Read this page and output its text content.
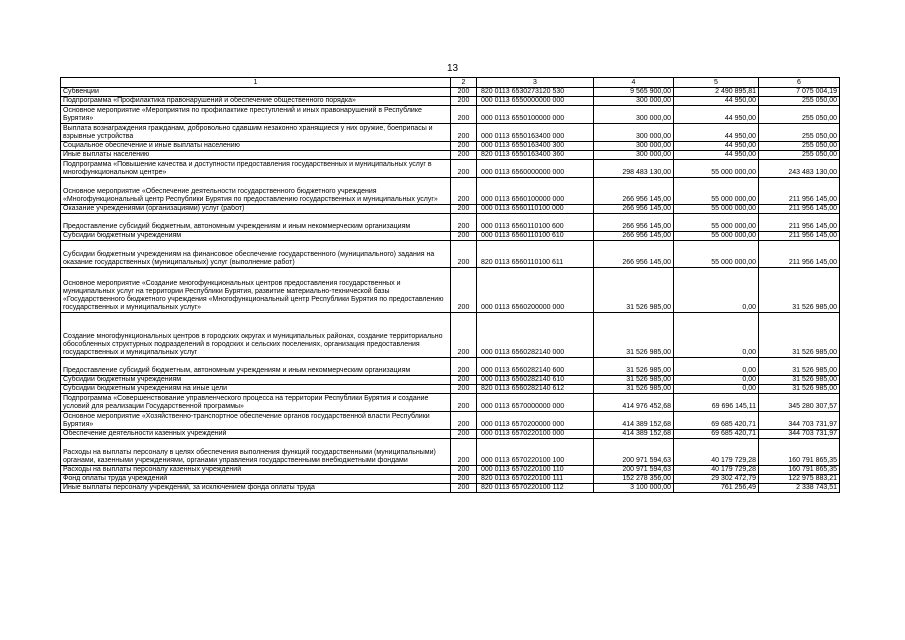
13
1	2	3	4	5	6
Субвенции	200	820 0113 6530273120 530	9 565 900,00	2 490 895,81	7 075 004,19
Подпрограмма «Профилактика правонарушений и обеспечение общественного порядка»	200	000 0113 6550000000 000	300 000,00	44 950,00	255 050,00
Основное мероприятие «Мероприятия по профилактике преступлений и иных правонарушений в Республике Бурятия»	200	000 0113 6550100000 000	300 000,00	44 950,00	255 050,00
Выплата вознаграждения гражданам, добровольно сдавшим незаконно хранящиеся у них оружие, боеприпасы и взрывные устройства	200	000 0113 6550163400 000	300 000,00	44 950,00	255 050,00
Социальное обеспечение и иные выплаты населению	200	000 0113 6550163400 300	300 000,00	44 950,00	255 050,00
Иные выплаты населению	200	820 0113 6550163400 360	300 000,00	44 950,00	255 050,00
Подпрограмма «Повышение качества и доступности предоставления государственных и муниципальных услуг в многофункциональном центре»	200	000 0113 6560000000 000	298 483 130,00	55 000 000,00	243 483 130,00
Основное мероприятие «Обеспечение деятельности государственного бюджетного учреждения «Многофункциональный центр Республики Бурятия по предоставлению государственных и муниципальных услуг»	200	000 0113 6560100000 000	266 956 145,00	55 000 000,00	211 956 145,00
Оказание учреждениями (организациями) услуг (работ)	200	000 0113 6560110100 000	266 956 145,00	55 000 000,00	211 956 145,00
Предоставление субсидий бюджетным, автономным учреждениям и иным некоммерческим организациям	200	000 0113 6560110100 600	266 956 145,00	55 000 000,00	211 956 145,00
Субсидии бюджетным учреждениям	200	000 0113 6560110100 610	266 956 145,00	55 000 000,00	211 956 145,00
Субсидии бюджетным учреждениям на финансовое обеспечение государственного (муниципального) задания на оказание государственных (муниципальных) услуг (выполнение работ)	200	820 0113 6560110100 611	266 956 145,00	55 000 000,00	211 956 145,00
Основное мероприятие «Создание многофункциональных центров предоставления государственных и муниципальных услуг на территории Республики Бурятия, развитие материально-технической базы «Государственного бюджетного учреждения «Многофункциональный центр Республики Бурятия по предоставлению государственных и муниципальных услуг»	200	000 0113 6560200000 000	31 526 985,00	0,00	31 526 985,00
Создание многофункциональных центров в городских округах и муниципальных районах, создание территориально обособленных структурных подразделений в городских и сельских поселениях, организация предоставления государственных и муниципальных услуг	200	000 0113 6560282140 000	31 526 985,00	0,00	31 526 985,00
Предоставление субсидий бюджетным, автономным учреждениям и иным некоммерческим организациям	200	000 0113 6560282140 600	31 526 985,00	0,00	31 526 985,00
Субсидии бюджетным учреждениям	200	000 0113 6560282140 610	31 526 985,00	0,00	31 526 985,00
Субсидии бюджетным учреждениям на иные цели	200	820 0113 6560282140 612	31 526 985,00	0,00	31 526 985,00
Подпрограмма «Совершенствование управленческого процесса на территории Республики Бурятия и создание условий для реализации Государственной программы»	200	000 0113 6570000000 000	414 976 452,68	69 696 145,11	345 280 307,57
Основное мероприятие «Хозяйственно-транспортное обеспечение органов государственной власти Республики Бурятия»	200	000 0113 6570200000 000	414 389 152,68	69 685 420,71	344 703 731,97
Обеспечение деятельности казенных учреждений	200	000 0113 6570220100 000	414 389 152,68	69 685 420,71	344 703 731,97
Расходы на выплаты персоналу в целях обеспечения выполнения функций государственными (муниципальными) органами, казенными учреждениями, органами управления государственными внебюджетными фондами	200	000 0113 6570220100 100	200 971 594,63	40 179 729,28	160 791 865,35
Расходы на выплаты персоналу казенных учреждений	200	000 0113 6570220100 110	200 971 594,63	40 179 729,28	160 791 865,35
Фонд оплаты труда учреждений	200	820 0113 6570220100 111	152 278 356,00	29 302 472,79	122 975 883,21
Иные выплаты персоналу учреждений, за исключением фонда оплаты труда	200	820 0113 6570220100 112	3 100 000,00	761 256,49	2 338 743,51
